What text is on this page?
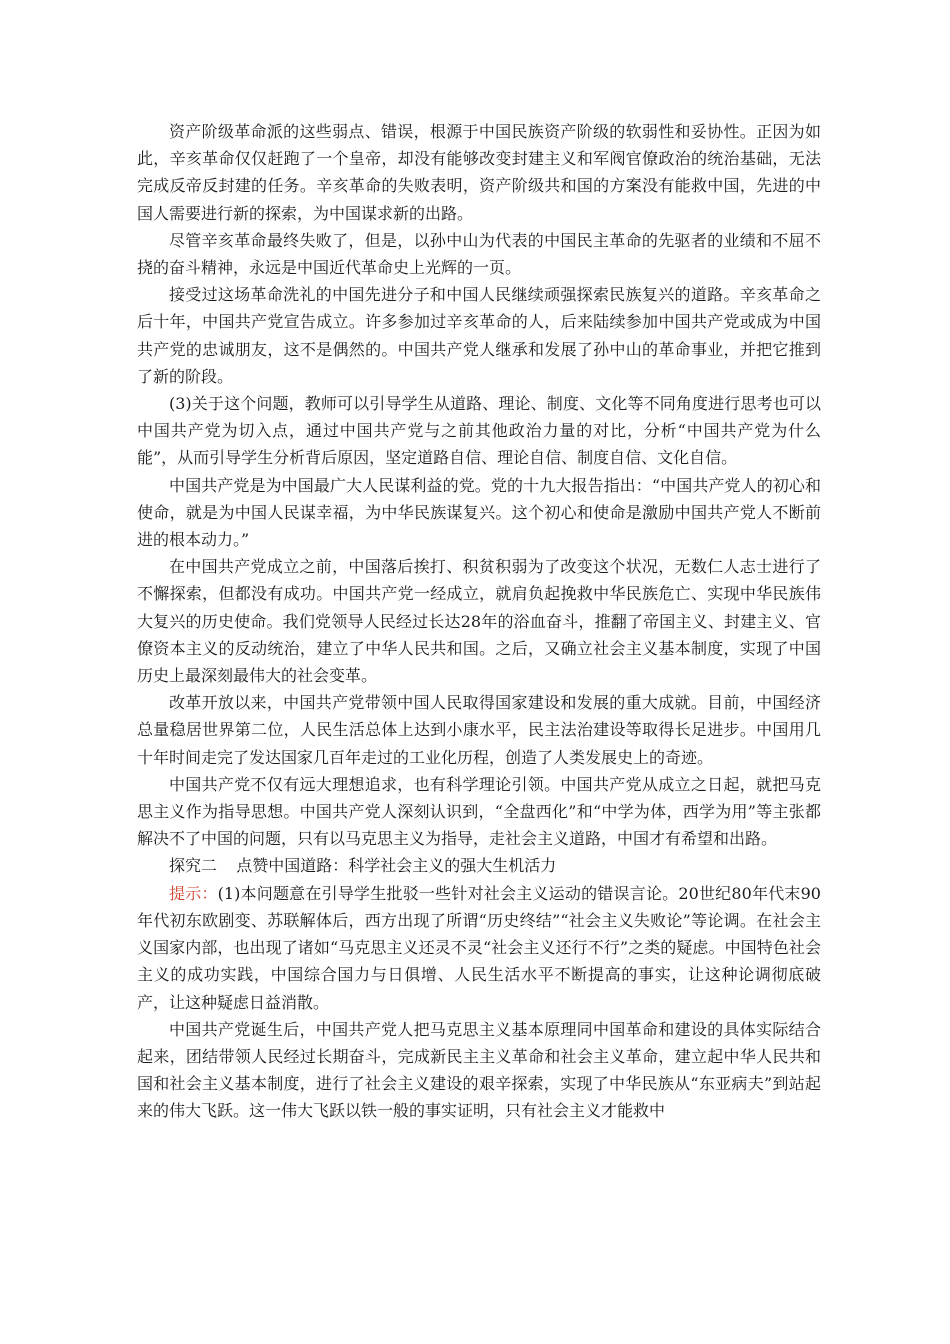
资产阶级革命派的这些弱点、错误，根源于中国民族资产阶级的软弱性和妥协性。正因为如此，辛亥革命仅仅赶跑了一个皇帝，却没有能够改变封建主义和军阀官僚政治的统治基础，无法完成反帝反封建的任务。辛亥革命的失败表明，资产阶级共和国的方案没有能救中国，先进的中国人需要进行新的探索，为中国谋求新的出路。

尽管辛亥革命最终失败了，但是，以孙中山为代表的中国民主革命的先驱者的业绩和不屈不挠的奋斗精神，永远是中国近代革命史上光辉的一页。

接受过这场革命洗礼的中国先进分子和中国人民继续顽强探索民族复兴的道路。辛亥革命之后十年，中国共产党宣告成立。许多参加过辛亥革命的人，后来陆续参加中国共产党或成为中国共产党的忠诚朋友，这不是偶然的。中国共产党人继承和发展了孙中山的革命事业，并把它推到了新的阶段。

(3)关于这个问题，教师可以引导学生从道路、理论、制度、文化等不同角度进行思考也可以中国共产党为切入点，通过中国共产党与之前其他政治力量的对比，分析“中国共产党为什么能”，从而引导学生分析背后原因，坚定道路自信、理论自信、制度自信、文化自信。

中国共产党是为中国最广大人民谋利益的党。党的十九大报告指出：“中国共产党人的初心和使命，就是为中国人民谋幸福，为中华民族谋复兴。这个初心和使命是激励中国共产党人不断前进的根本动力。”

在中国共产党成立之前，中国落后挨打、积贫积弱为了改变这个状况，无数仁人志士进行了不懈探索，但都没有成功。中国共产党一经成立，就肩负起挽救中华民族危亡、实现中华民族伟大复兴的历史使命。我们党领导人民经过长达28年的浴血奋斗，推翻了帝国主义、封建主义、官僚资本主义的反动统治，建立了中华人民共和国。之后，又确立社会主义基本制度，实现了中国历史上最深刻最伟大的社会变革。

改革开放以来，中国共产党带领中国人民取得国家建设和发展的重大成就。目前，中国经济总量稳居世界第二位，人民生活总体上达到小康水平，民主法治建设等取得长足进步。中国用几十年时间走完了发达国家几百年走过的工业化历程，创造了人类发展史上的奇迹。

中国共产党不仅有远大理想追求，也有科学理论引领。中国共产党从成立之日起，就把马克思主义作为指导思想。中国共产党人深刻认识到，“全盘西化”和“中学为体，西学为用”等主张都解决不了中国的问题，只有以马克思主义为指导，走社会主义道路，中国才有希望和出路。

探究二 点赞中国道路：科学社会主义的强大生机活力

提示：(1)本问题意在引导学生批驳一些针对社会主义运动的错误言论。20世纪80年代末90年代初东欧剧变、苏联解体后，西方出现了所谓“历史终结”“社会主义失败论”等论调。在社会主义国家内部，也出现了诸如“马克思主义还灵不灵“社会主义还行不行”之类的疑虑。中国特色社会主义的成功实践，中国综合国力与日俱增、人民生活水平不断提高的事实，让这种论调彻底破产，让这种疑虑日益消散。

中国共产党诞生后，中国共产党人把马克思主义基本原理同中国革命和建设的具体实际结合起来，团结带领人民经过长期奋斗，完成新民主主义革命和社会主义革命，建立起中华人民共和国和社会主义基本制度，进行了社会主义建设的艰辛探索，实现了中华民族从“东亚病夫”到站起来的伟大飞跃。这一伟大飞跃以铁一般的事实证明，只有社会主义才能救中
